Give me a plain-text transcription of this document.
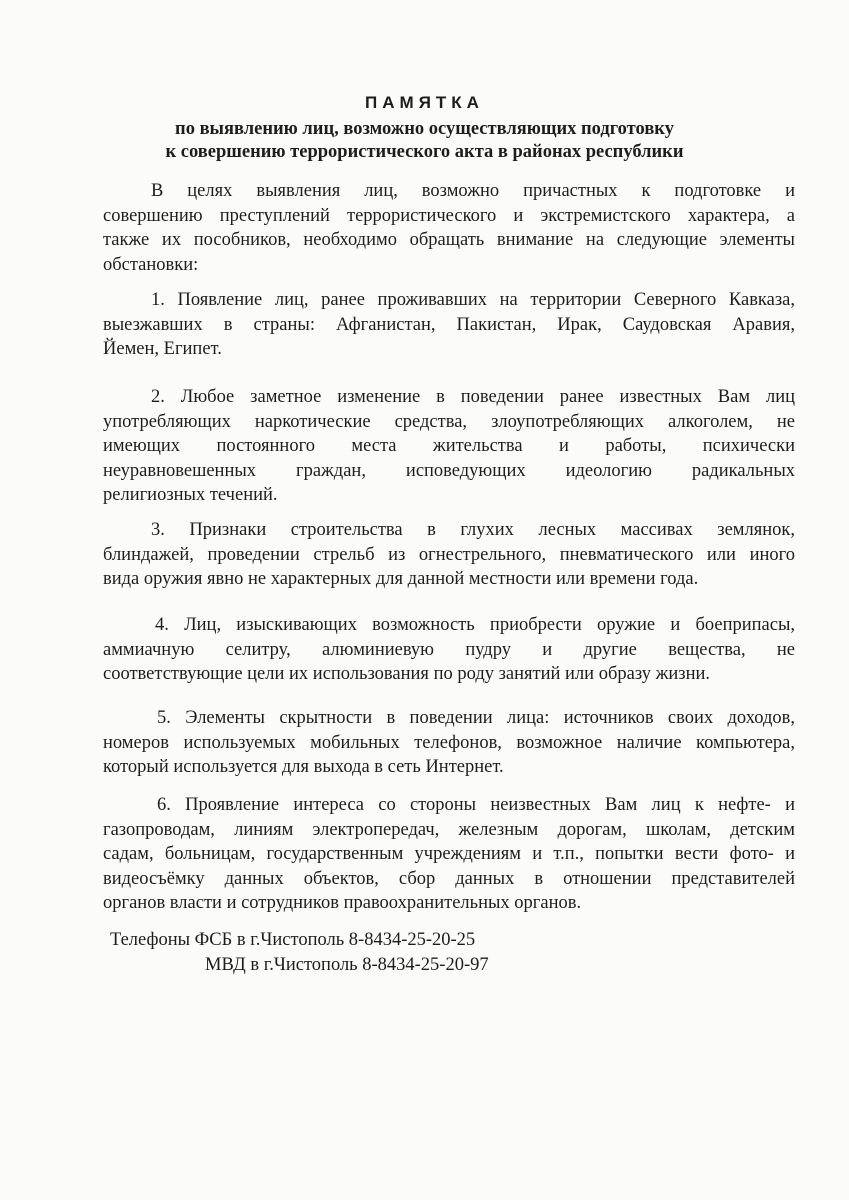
ПАМЯТКА
по выявлению лиц, возможно осуществляющих подготовку
к совершению террористического акта в районах республики
В целях выявления лиц, возможно причастных к подготовке и
совершению преступлений террористического и экстремистского характера, а
также их пособников, необходимо обращать внимание на следующие элементы
обстановки:
1. Появление лиц, ранее проживавших на территории Северного Кавказа,
выезжавших в страны: Афганистан, Пакистан, Ирак, Саудовская Аравия,
Йемен, Египет.
2. Любое заметное изменение в поведении ранее известных Вам лиц
употребляющих наркотические средства, злоупотребляющих алкоголем, не
имеющих постоянного места жительства и работы, психически
неуравновешенных граждан, исповедующих идеологию радикальных
религиозных течений.
3. Признаки строительства в глухих лесных массивах землянок,
блиндажей, проведении стрельб из огнестрельного, пневматического или иного
вида оружия явно не характерных для данной местности или времени года.
4. Лиц, изыскивающих возможность приобрести оружие и боеприпасы,
аммиачную селитру, алюминиевую пудру и другие вещества, не
соответствующие цели их использования по роду занятий или образу жизни.
5. Элементы скрытности в поведении лица: источников своих доходов,
номеров используемых мобильных телефонов, возможное наличие компьютера,
который используется для выхода в сеть Интернет.
6. Проявление интереса со стороны неизвестных Вам лиц к нефте- и
газопроводам, линиям электропередач, железным дорогам, школам, детским
садам, больницам, государственным учреждениям и т.п., попытки вести фото- и
видеосъёмку данных объектов, сбор данных в отношении представителей
органов власти и сотрудников правоохранительных органов.
Телефоны ФСБ в г.Чистополь 8-8434-25-20-25
МВД в г.Чистополь 8-8434-25-20-97
